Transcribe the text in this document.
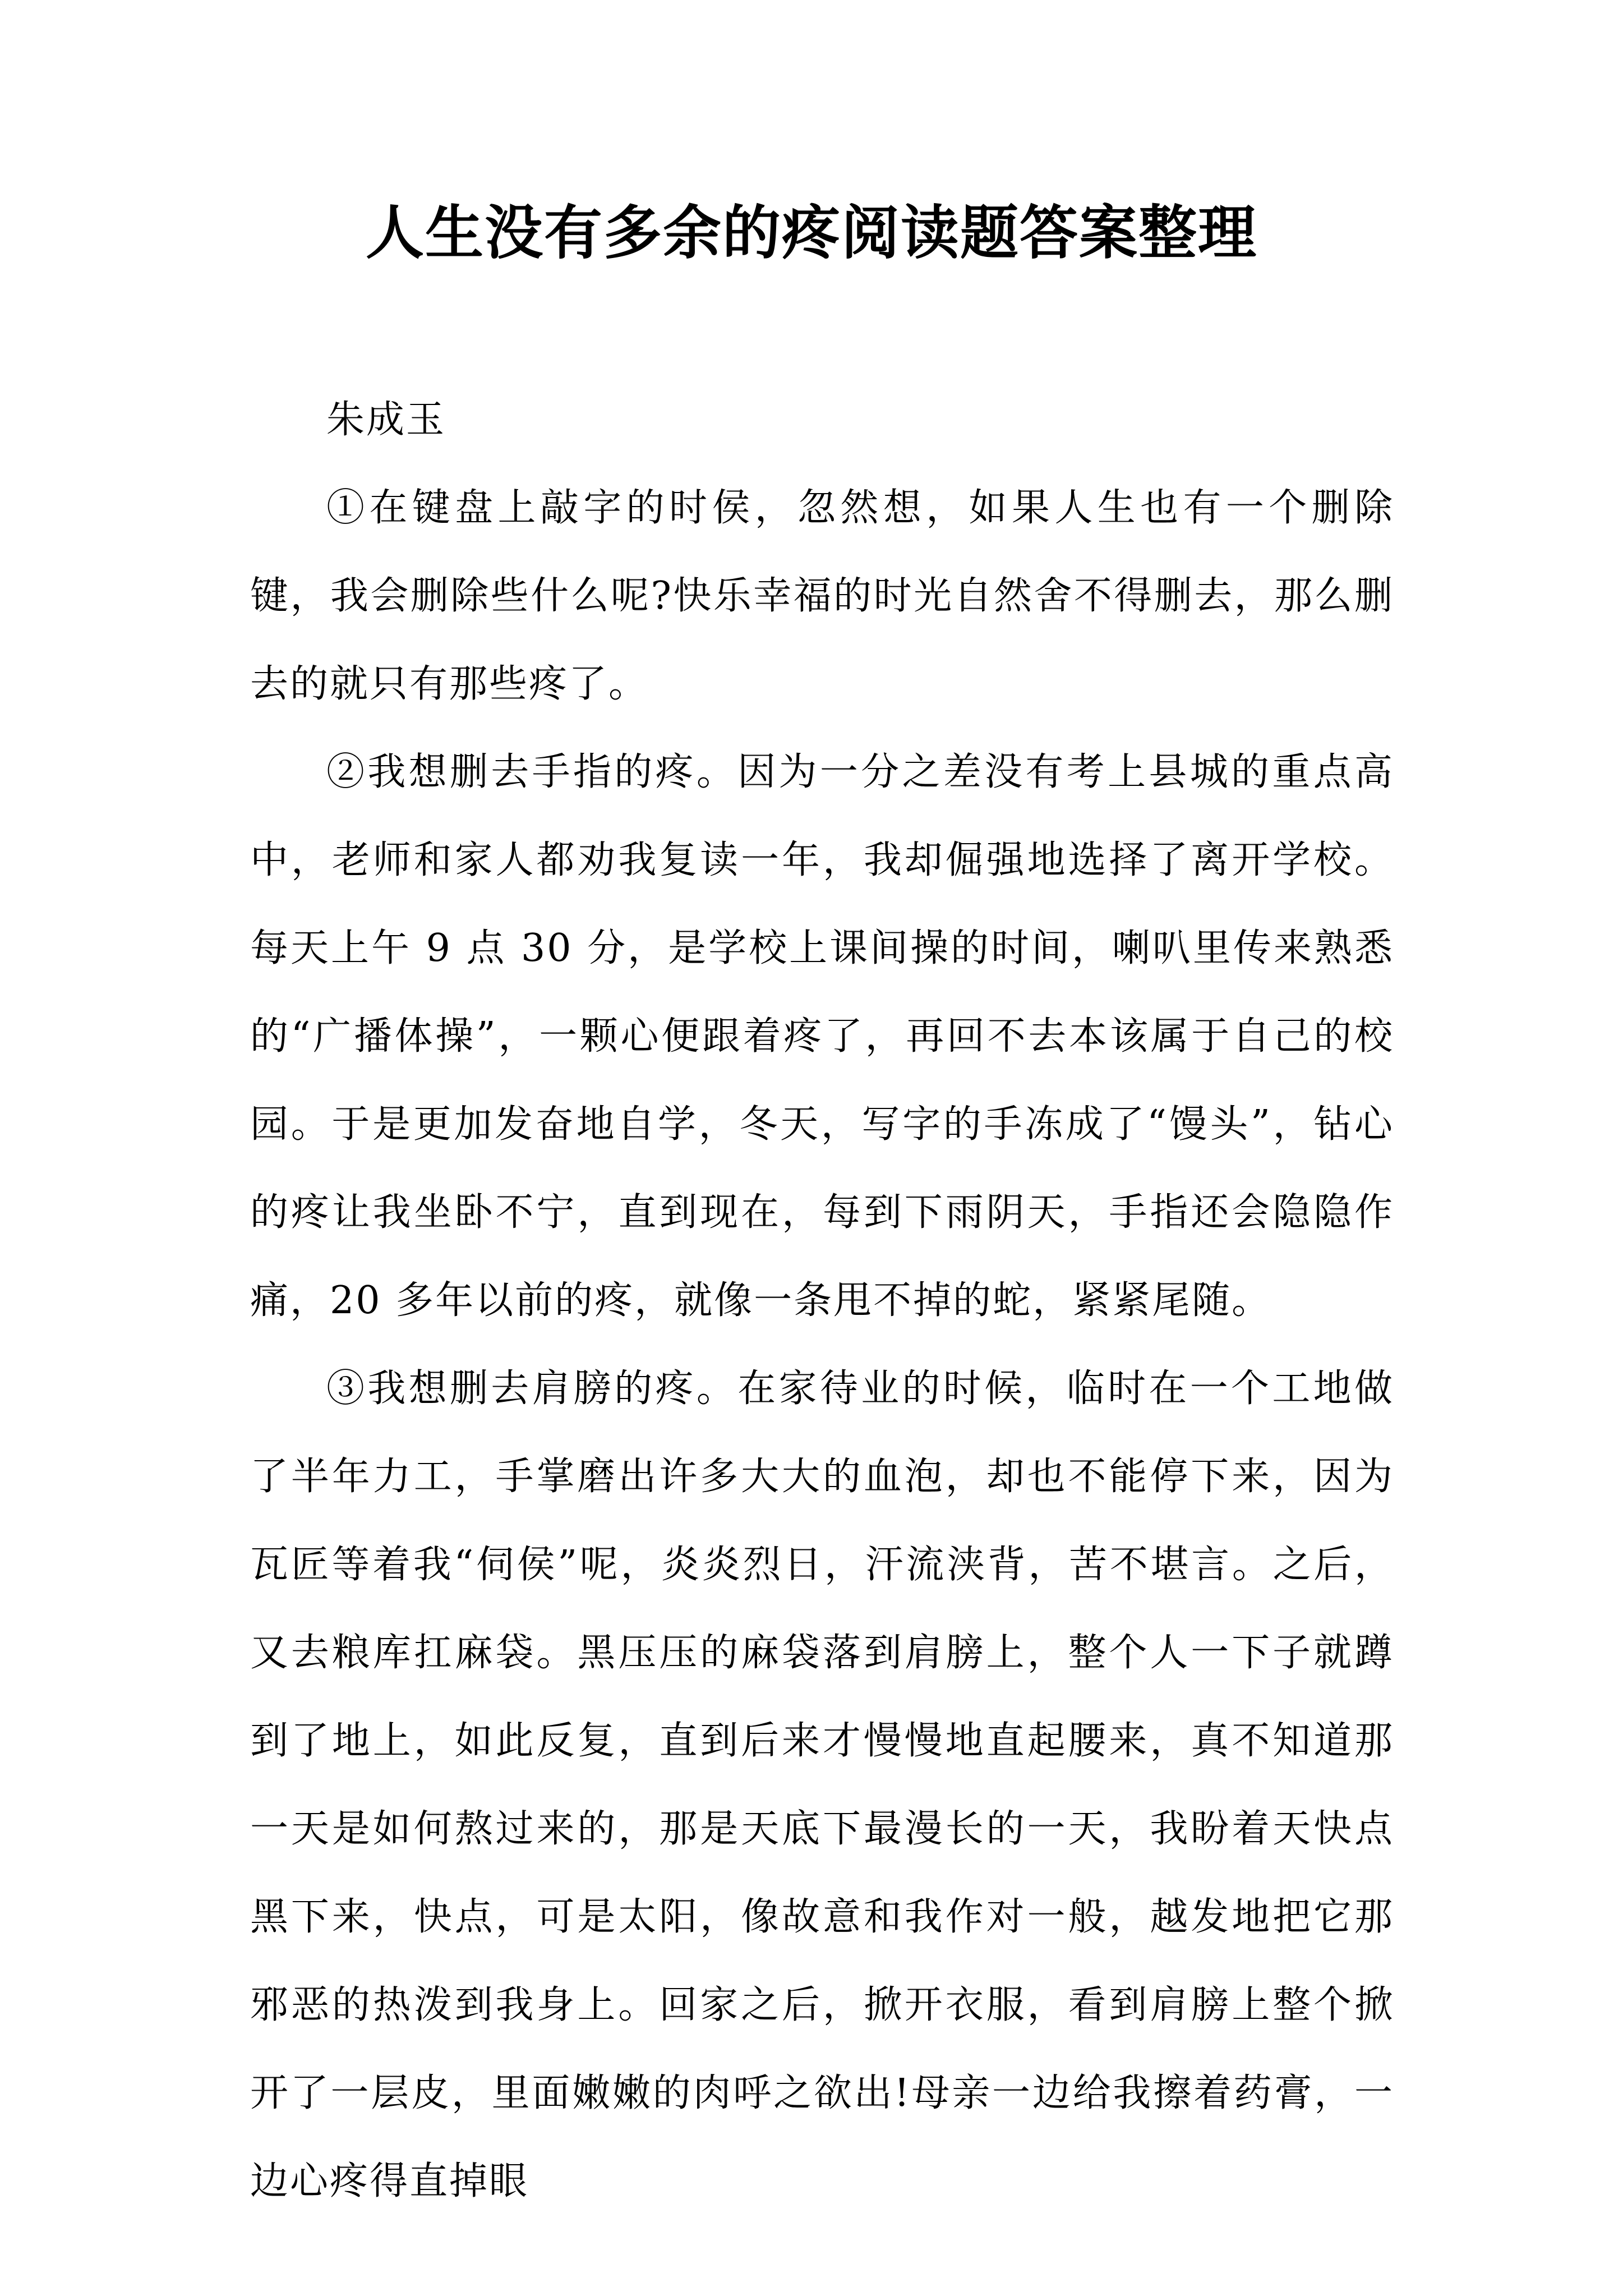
人生没有多余的疼阅读题答案整理

朱成玉

①在键盘上敲字的时侯，忽然想，如果人生也有一个删除键，我会删除些什么呢?快乐幸福的时光自然舍不得删去，那么删去的就只有那些疼了。

②我想删去手指的疼。因为一分之差没有考上县城的重点高中，老师和家人都劝我复读一年，我却倔强地选择了离开学校。每天上午 9 点 30 分，是学校上课间操的时间，喇叭里传来熟悉的“广播体操”，一颗心便跟着疼了，再回不去本该属于自己的校园。于是更加发奋地自学，冬天，写字的手冻成了“馒头”，钻心的疼让我坐卧不宁，直到现在，每到下雨阴天，手指还会隐隐作痛，20 多年以前的疼，就像一条甩不掉的蛇，紧紧尾随。

③我想删去肩膀的疼。在家待业的时候，临时在一个工地做了半年力工，手掌磨出许多大大的血泡，却也不能停下来，因为瓦匠等着我“伺侯”呢，炎炎烈日，汗流浃背，苦不堪言。之后，又去粮库扛麻袋。黑压压的麻袋落到肩膀上，整个人一下子就蹲到了地上，如此反复，直到后来才慢慢地直起腰来，真不知道那一天是如何熬过来的，那是天底下最漫长的一天，我盼着天快点黑下来，快点，可是太阳，像故意和我作对一般，越发地把它那邪恶的热泼到我身上。回家之后，掀开衣服，看到肩膀上整个掀开了一层皮，里面嫩嫩的肉呼之欲出!母亲一边给我擦着药膏，一边心疼得直掉眼
